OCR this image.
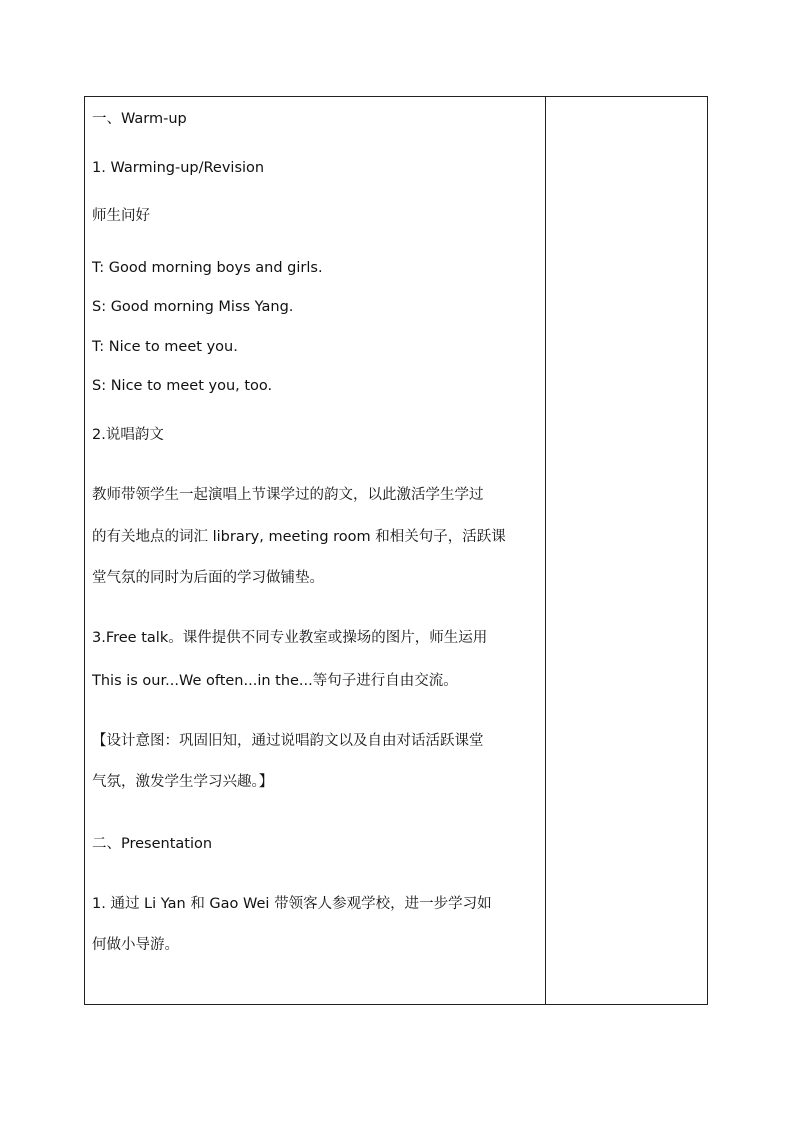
一、Warm-up
1. Warming-up/Revision
师生问好
T: Good morning boys and girls.
S: Good morning Miss Yang.
T: Nice to meet you.
S: Nice to meet you, too.
2.说唱韵文
教师带领学生一起演唱上节课学过的韵文，以此激活学生学过
的有关地点的词汇 library, meeting room 和相关句子，活跃课
堂气氛的同时为后面的学习做铺垫。
3.Free talk。课件提供不同专业教室或操场的图片，师生运用
This is our...We often...in the...等句子进行自由交流。
【设计意图：巩固旧知，通过说唱韵文以及自由对话活跃课堂
气氛，激发学生学习兴趣。】
二、Presentation
1. 通过 Li Yan 和 Gao Wei 带领客人参观学校，进一步学习如
何做小导游。
